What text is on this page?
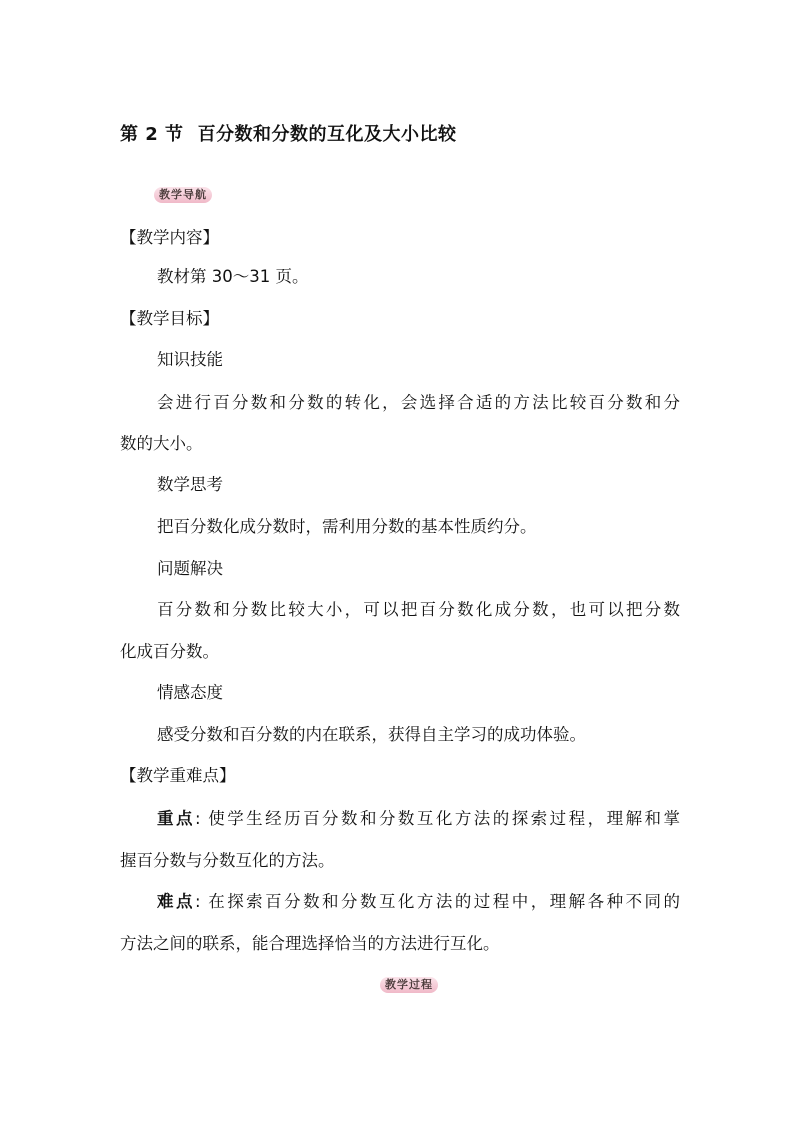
第 2 节 百分数和分数的互化及大小比较
教学导航
【教学内容】
教材第 30～31 页。
【教学目标】
知识技能
会进行百分数和分数的转化，会选择合适的方法比较百分数和分
数的大小。
数学思考
把百分数化成分数时，需利用分数的基本性质约分。
问题解决
百分数和分数比较大小，可以把百分数化成分数，也可以把分数
化成百分数。
情感态度
感受分数和百分数的内在联系，获得自主学习的成功体验。
【教学重难点】
重点: 使学生经历百分数和分数互化方法的探索过程，理解和掌
握百分数与分数互化的方法。
难点: 在探索百分数和分数互化方法的过程中，理解各种不同的
方法之间的联系，能合理选择恰当的方法进行互化。
教学过程
